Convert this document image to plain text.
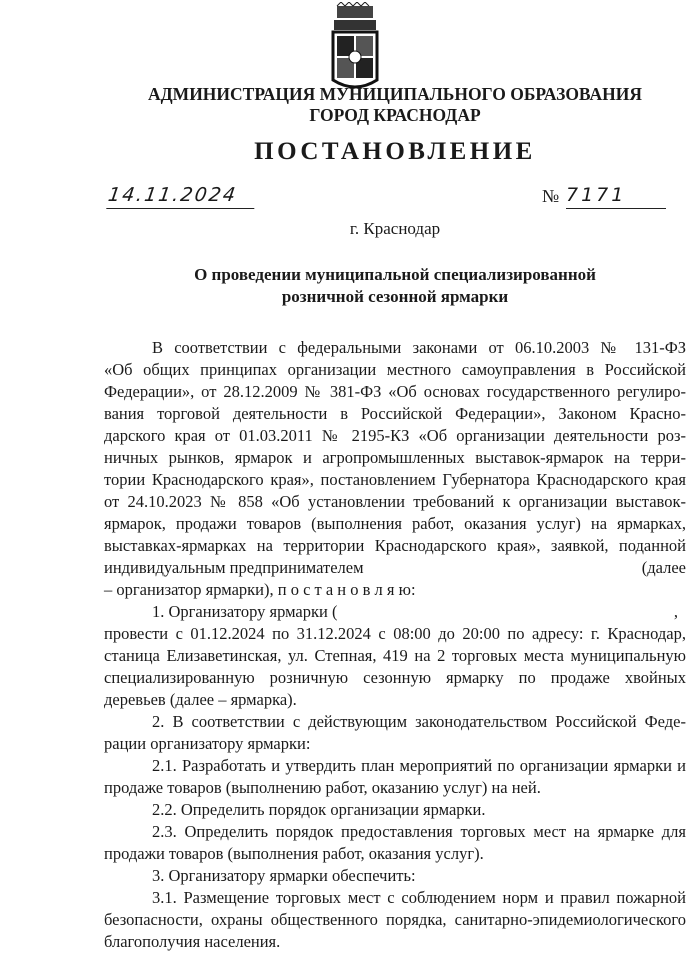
АДМИНИСТРАЦИЯ МУНИЦИПАЛЬНОГО ОБРАЗОВАНИЯ
ГОРОД КРАСНОДАР
ПОСТАНОВЛЕНИЕ
14.11.2024	№ 7171
г. Краснодар
О проведении муниципальной специализированной
розничной сезонной ярмарки
В соответствии с федеральными законами от 06.10.2003 № 131-ФЗ
«Об общих принципах организации местного самоуправления в Российской
Федерации», от 28.12.2009 № 381-ФЗ «Об основах государственного регулиро-
вания торговой деятельности в Российской Федерации», Законом Красно-
дарского края от 01.03.2011 № 2195-КЗ «Об организации деятельности роз-
ничных рынков, ярмарок и агропромышленных выставок-ярмарок на терри-
тории Краснодарского края», постановлением Губернатора Краснодарского края
от 24.10.2023 № 858 «Об установлении требований к организации выставок-
ярмарок, продажи товаров (выполнения работ, оказания услуг) на ярмарках,
выставках-ярмарках на территории Краснодарского края», заявкой, поданной
индивидуальным предпринимателем	(далее
– организатор ярмарки), п о с т а н о в л я ю:
1. Организатору ярмарки (	,
провести с 01.12.2024 по 31.12.2024 с 08:00 до 20:00 по адресу: г. Краснодар,
станица Елизаветинская, ул. Степная, 419 на 2 торговых места муниципальную
специализированную розничную сезонную ярмарку по продаже хвойных
деревьев (далее – ярмарка).
2. В соответствии с действующим законодательством Российской Феде-
рации организатору ярмарки:
2.1. Разработать и утвердить план мероприятий по организации ярмарки и
продаже товаров (выполнению работ, оказанию услуг) на ней.
2.2. Определить порядок организации ярмарки.
2.3. Определить порядок предоставления торговых мест на ярмарке для
продажи товаров (выполнения работ, оказания услуг).
3. Организатору ярмарки обеспечить:
3.1. Размещение торговых мест с соблюдением норм и правил пожарной
безопасности, охраны общественного порядка, санитарно-эпидемиологического
благополучия населения.
